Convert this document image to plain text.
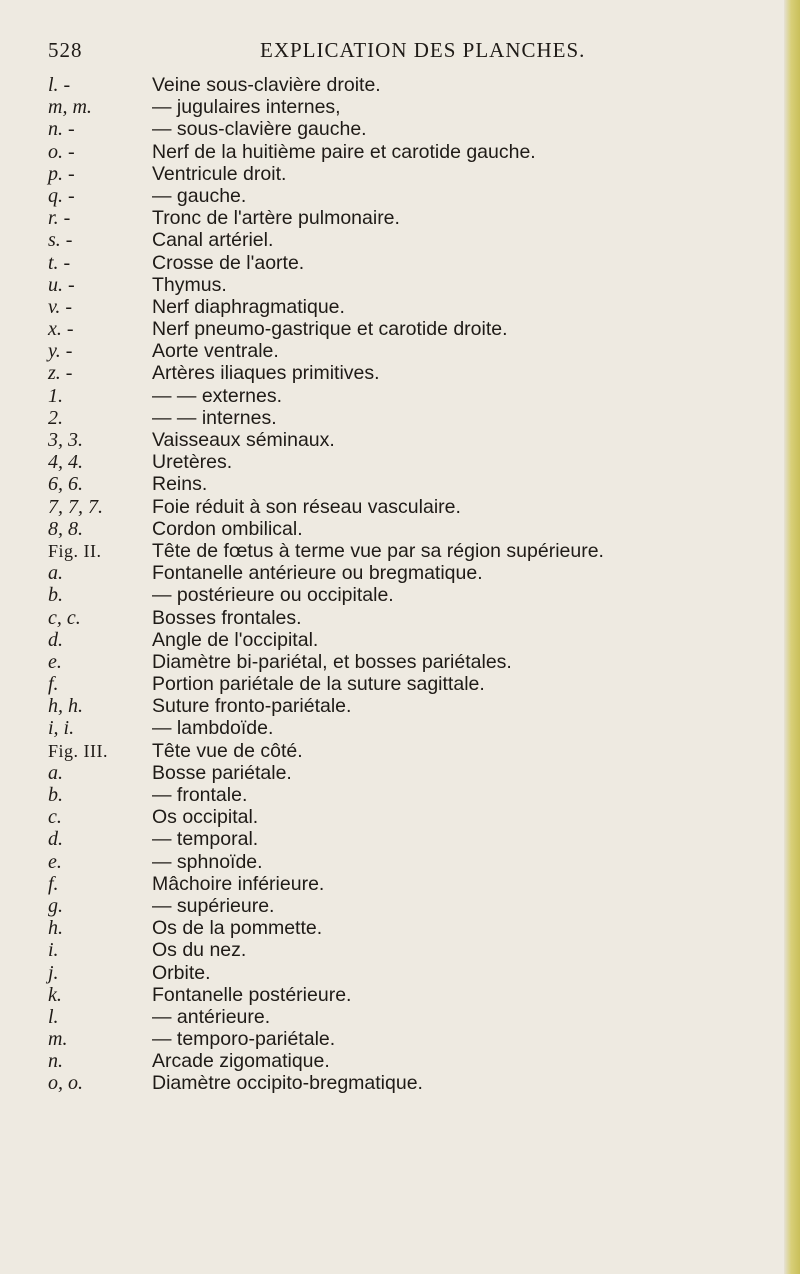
528	EXPLICATION DES PLANCHES.
l. -	Veine sous-clavière droite.
m, m.	— jugulaires internes,
n. -	— sous-clavière gauche.
o. -	Nerf de la huitième paire et carotide gauche.
p. -	Ventricule droit.
q. -	— gauche.
r. -	Tronc de l'artère pulmonaire.
s. -	Canal artériel.
t. -	Crosse de l'aorte.
u. -	Thymus.
v. -	Nerf diaphragmatique.
x. -	Nerf pneumo-gastrique et carotide droite.
y. -	Aorte ventrale.
z. -	Artères iliaques primitives.
1.	— — externes.
2.	— — internes.
3, 3.	Vaisseaux séminaux.
4, 4.	Uretères.
6, 6.	Reins.
7, 7, 7.	Foie réduit à son réseau vasculaire.
8, 8.	Cordon ombilical.
Fig. II.	Tête de fœtus à terme vue par sa région supérieure.
a.	Fontanelle antérieure ou bregmatique.
b.	— postérieure ou occipitale.
c, c.	Bosses frontales.
d.	Angle de l'occipital.
e.	Diamètre bi-pariétal, et bosses pariétales.
f.	Portion pariétale de la suture sagittale.
h, h.	Suture fronto-pariétale.
i, i.	— lambdoïde.
Fig. III.	Tête vue de côté.
a.	Bosse pariétale.
b.	— frontale.
c.	Os occipital.
d.	— temporal.
e.	— sphnoïde.
f.	Mâchoire inférieure.
g.	— supérieure.
h.	Os de la pommette.
i.	Os du nez.
j.	Orbite.
k.	Fontanelle postérieure.
l.	— antérieure.
m.	— temporo-pariétale.
n.	Arcade zigomatique.
o, o.	Diamètre occipito-bregmatique.
